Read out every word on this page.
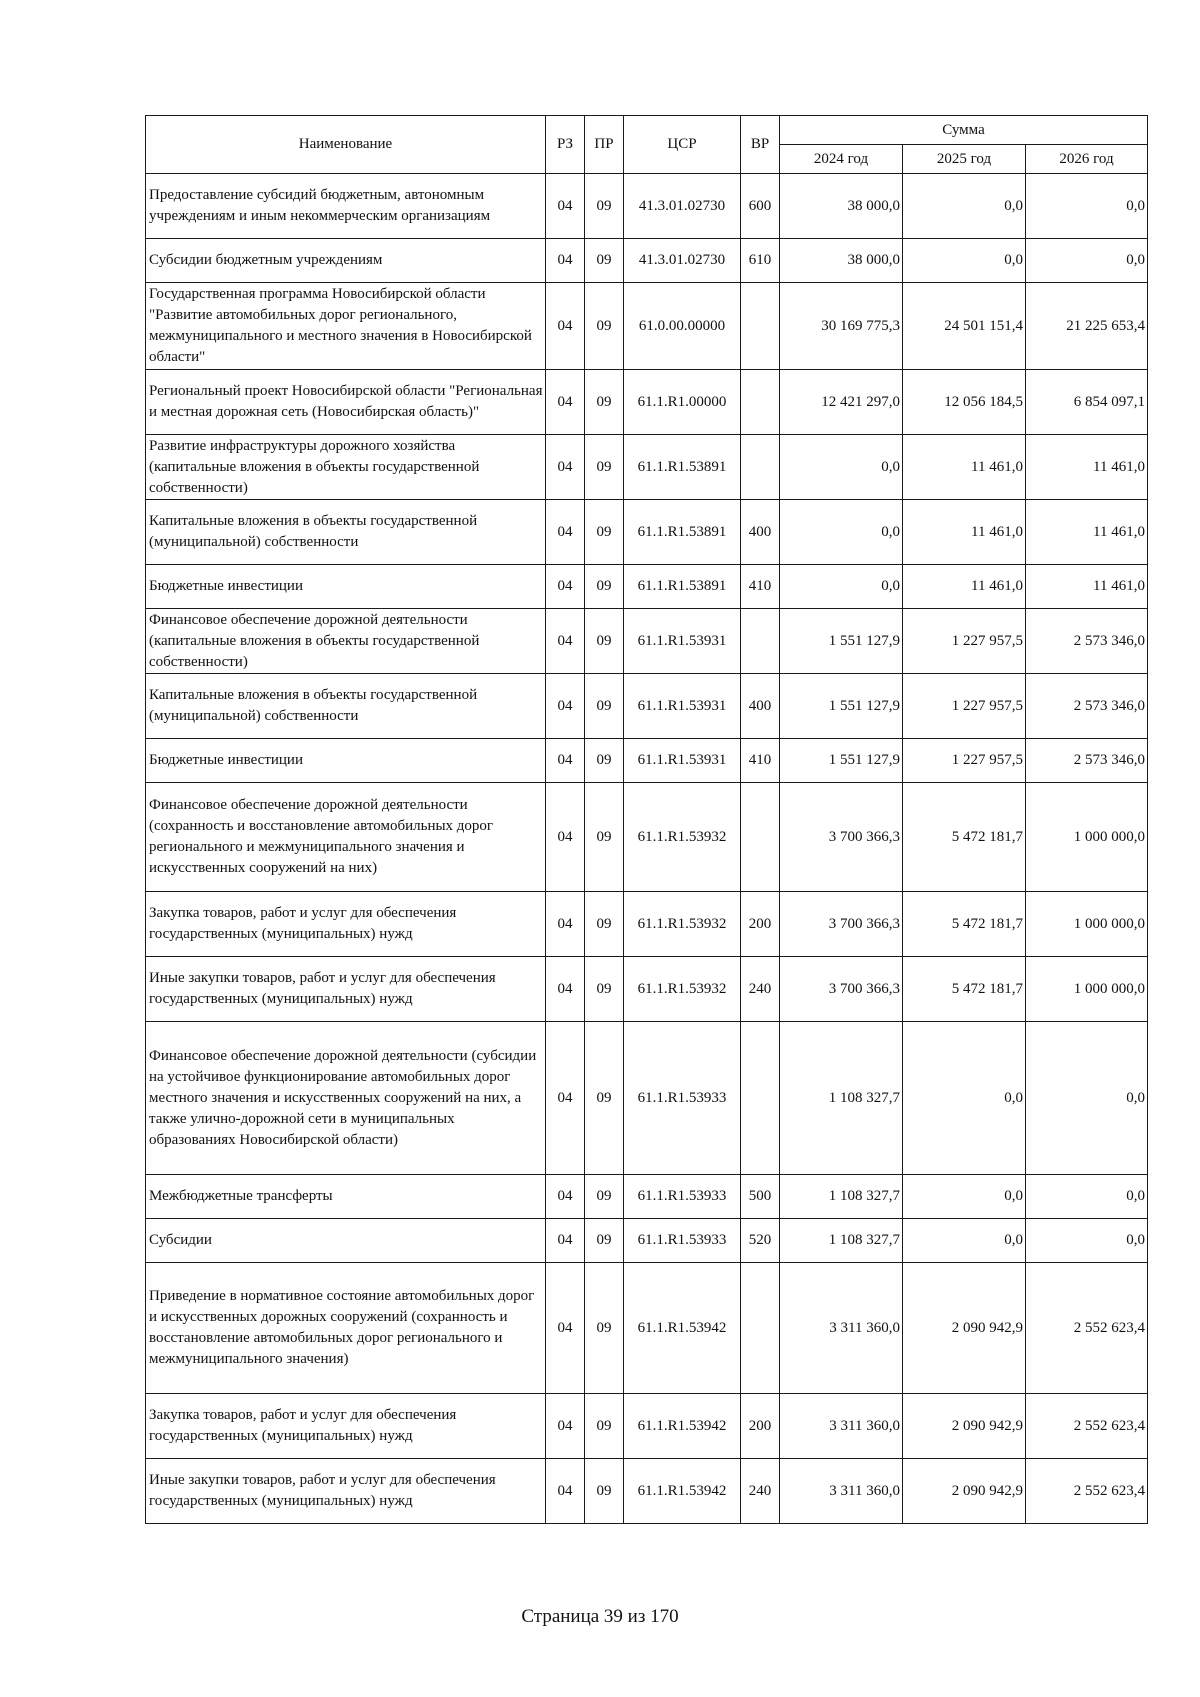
Наименование	РЗ	ПР	ЦСР	ВР	Сумма		
					2024 год	2025 год	2026 год
Предоставление субсидий бюджетным, автономным учреждениям и иным некоммерческим организациям	04	09	41.3.01.02730	600	38 000,0	0,0	0,0
Субсидии бюджетным учреждениям	04	09	41.3.01.02730	610	38 000,0	0,0	0,0
Государственная программа Новосибирской области "Развитие автомобильных дорог регионального, межмуниципального и местного значения в Новосибирской области"	04	09	61.0.00.00000		30 169 775,3	24 501 151,4	21 225 653,4
Региональный проект Новосибирской области "Региональная и местная дорожная сеть (Новосибирская область)"	04	09	61.1.R1.00000		12 421 297,0	12 056 184,5	6 854 097,1
Развитие инфраструктуры дорожного хозяйства (капитальные вложения в объекты государственной собственности)	04	09	61.1.R1.53891		0,0	11 461,0	11 461,0
Капитальные вложения в объекты государственной (муниципальной) собственности	04	09	61.1.R1.53891	400	0,0	11 461,0	11 461,0
Бюджетные инвестиции	04	09	61.1.R1.53891	410	0,0	11 461,0	11 461,0
Финансовое обеспечение дорожной деятельности (капитальные вложения в объекты государственной собственности)	04	09	61.1.R1.53931		1 551 127,9	1 227 957,5	2 573 346,0
Капитальные вложения в объекты государственной (муниципальной) собственности	04	09	61.1.R1.53931	400	1 551 127,9	1 227 957,5	2 573 346,0
Бюджетные инвестиции	04	09	61.1.R1.53931	410	1 551 127,9	1 227 957,5	2 573 346,0
Финансовое обеспечение дорожной деятельности (сохранность и восстановление автомобильных дорог регионального и межмуниципального значения и искусственных сооружений на них)	04	09	61.1.R1.53932		3 700 366,3	5 472 181,7	1 000 000,0
Закупка товаров, работ и услуг для обеспечения государственных (муниципальных) нужд	04	09	61.1.R1.53932	200	3 700 366,3	5 472 181,7	1 000 000,0
Иные закупки товаров, работ и услуг для обеспечения государственных (муниципальных) нужд	04	09	61.1.R1.53932	240	3 700 366,3	5 472 181,7	1 000 000,0
Финансовое обеспечение дорожной деятельности (субсидии на устойчивое функционирование автомобильных дорог местного значения и искусственных сооружений на них, а также улично-дорожной сети в муниципальных образованиях Новосибирской области)	04	09	61.1.R1.53933		1 108 327,7	0,0	0,0
Межбюджетные трансферты	04	09	61.1.R1.53933	500	1 108 327,7	0,0	0,0
Субсидии	04	09	61.1.R1.53933	520	1 108 327,7	0,0	0,0
Приведение в нормативное состояние автомобильных дорог и искусственных дорожных сооружений (сохранность и восстановление автомобильных дорог регионального и межмуниципального значения)	04	09	61.1.R1.53942		3 311 360,0	2 090 942,9	2 552 623,4
Закупка товаров, работ и услуг для обеспечения государственных (муниципальных) нужд	04	09	61.1.R1.53942	200	3 311 360,0	2 090 942,9	2 552 623,4
Иные закупки товаров, работ и услуг для обеспечения государственных (муниципальных) нужд	04	09	61.1.R1.53942	240	3 311 360,0	2 090 942,9	2 552 623,4
Страница 39 из 170
